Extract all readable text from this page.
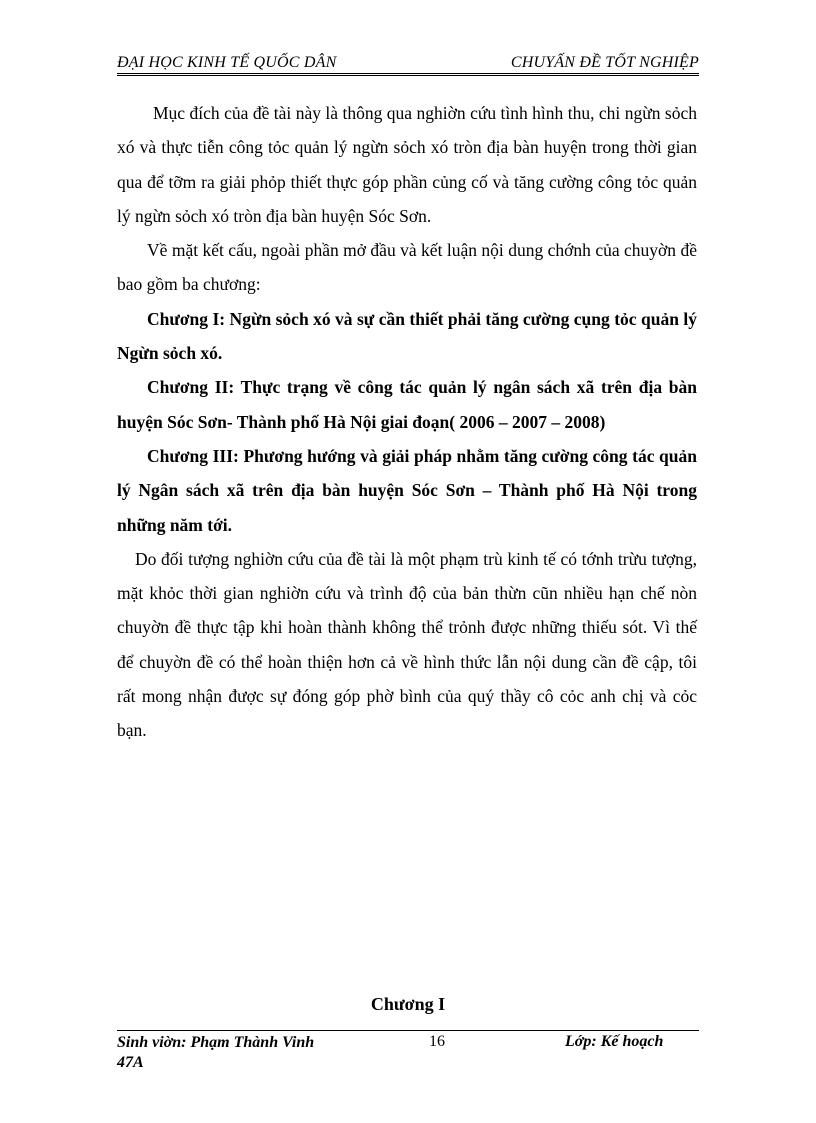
ĐẠI HỌC KINH TẾ QUỐC DÂN	CHUYẤN ĐỀ TỐT NGHIỆP

Mục đích của đề tài này là thông qua nghiờn cứu tình hình thu, chi ngừn sỏch xó và thực tiễn công tỏc quản lý ngừn sỏch xó tròn địa bàn huyện trong thời gian qua để tỡm ra giải phỏp thiết thực góp phần củng cố và tăng cường công tỏc quản lý ngừn sỏch xó tròn địa bàn huyện Sóc Sơn.

Về mặt kết cấu, ngoài phần mở đầu và kết luận nội dung chớnh của chuyờn đề bao gồm ba chương:

Chương I: Ngừn sỏch xó và sự cần thiết phải tăng cường cụng tỏc quản lý Ngừn sỏch xó.

Chương II: Thực trạng về công tác quản lý ngân sách xã trên địa bàn huyện Sóc Sơn- Thành phố Hà Nội giai đoạn( 2006 – 2007 – 2008)

Chương III: Phương hướng và giải pháp nhằm tăng cường công tác quản lý Ngân sách xã trên địa bàn huyện Sóc Sơn – Thành phố Hà Nội trong những năm tới.

Do đối tượng nghiờn cứu của đề tài là một phạm trù kinh tế có tớnh trừu tượng, mặt khỏc thời gian nghiờn cứu và trình độ của bản thừn cũn nhiều hạn chế nòn chuyờn đề thực tập khi hoàn thành không thể trỏnh được những thiếu sót. Vì thế để chuyờn đề có thể hoàn thiện hơn cả về hình thức lẫn nội dung cần đề cập, tôi rất mong nhận được sự đóng góp phờ bình của quý thầy cô cỏc anh chị và cỏc bạn.

Chương I
Sinh viờn: Phạm Thành Vinh 47A
16	Lớp: Kế hoạch
